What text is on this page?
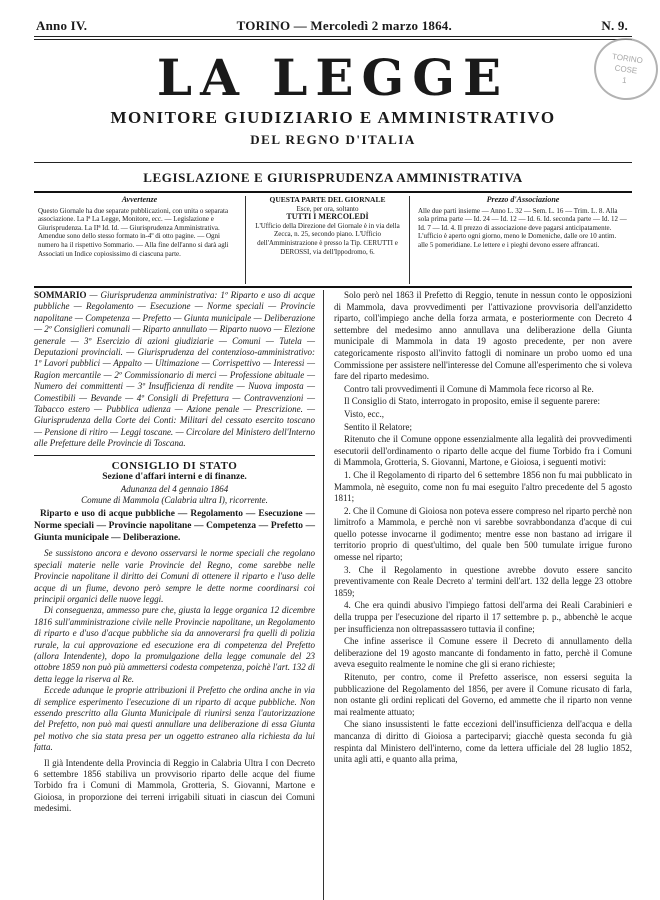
Anno IV.	TORINO — Mercoledì 2 marzo 1864.	N. 9.
TORINO
COSE
1
LA LEGGE
MONITORE GIUDIZIARIO E AMMINISTRATIVO
DEL REGNO D'ITALIA
LEGISLAZIONE E GIURISPRUDENZA AMMINISTRATIVA
Avvertenze
Questo Giornale ha due separate pubblicazioni, con unita o separata associazione. La Iª La Legge, Monitore, ecc. — Legislazione e Giurisprudenza. La IIª Id. Id. — Giurisprudenza Amministrativa. Amendue sono dello stesso formato in-4º di otto pagine. — Ogni numero ha il rispettivo Sommario. — Alla fine dell'anno si darà agli Associati un Indice copiosissimo di ciascuna parte.
QUESTA PARTE DEL GIORNALE
Esce, per ora, soltanto
TUTTI I MERCOLEDÌ
L'Ufficio della Direzione del Giornale è in via della Zecca, n. 25, secondo piano. L'Ufficio dell'Amministrazione è presso la Tip. CERUTTI e DEROSSI, via dell'Ippodromo, 6.
Prezzo d'Associazione
Alle due parti insieme — Anno L. 32 — Sem. L. 16 — Trim. L. 8. Alla sola prima parte — Id. 24 — Id. 12 — Id. 6. Id. seconda parte — Id. 12 — Id. 7 — Id. 4. Il prezzo di associazione deve pagarsi anticipatamente. L'ufficio è aperto ogni giorno, meno le Domeniche, dalle ore 10 antim. alle 5 pomeridiane. Le lettere e i pieghi devono essere affrancati.
SOMMARIO — Giurisprudenza amministrativa: 1º Riparto e uso di acque pubbliche — Regolamento — Esecuzione — Norme speciali — Provincie napolitane — Competenza — Prefetto — Giunta municipale — Deliberazione — 2º Consiglieri comunali — Riparto annullato — Riparto nuovo — Elezione generale — 3º Esercizio di azioni giudiziarie — Comuni — Tutela — Deputazioni provinciali. — Giurisprudenza del contenzioso-amministrativo: 1º Lavori pubblici — Appalto — Ultimazione — Corrispettivo — Interessi — Ragion mercantile — 2º Commissionario di merci — Professione abituale — Numero dei committenti — 3º Insufficienza di rendite — Nuova imposta — Comestibili — Bevande — 4º Consigli di Prefettura — Contravvenzioni — Tabacco estero — Pubblica udienza — Azione penale — Prescrizione. — Giurisprudenza della Corte dei Conti: Militari del cessato esercito toscano — Pensione di ritiro — Leggi toscane. — Circolare del Ministero dell'Interno alle Prefetture delle Provincie di Toscana.
CONSIGLIO DI STATO
Sezione d'affari interni e di finanze.
Adunanza del 4 gennaio 1864
Comune di Mammola (Calabria ultra I), ricorrente.
Riparto e uso di acque pubbliche — Regolamento — Esecuzione — Norme speciali — Provincie napolitane — Competenza — Prefetto — Giunta municipale — Deliberazione.

Se sussistono ancora e devono osservarsi le norme speciali che regolano speciali materie nelle varie Provincie del Regno, come sarebbe nelle Provincie napolitane il diritto dei Comuni di ottenere il riparto e l'uso delle acque di un fiume, devono però sempre le dette norme coordinarsi coi principii organici delle nuove leggi.

Di conseguenza, ammesso pure che, giusta la legge organica 12 dicembre 1816 sull'amministrazione civile nelle Provincie napolitane, un Regolamento di riparto e d'uso d'acque pubbliche sia da annoverarsi fra quelli di polizia rurale, la cui approvazione ed esecuzione era di competenza del Prefetto (allora Intendente), dopo la promulgazione della legge comunale del 23 ottobre 1859 non può più ammettersi codesta competenza, poichè l'art. 132 di detta legge la riserva al Re.

Eccede adunque le proprie attribuzioni il Prefetto che ordina anche in via di semplice esperimento l'esecuzione di un riparto di acque pubbliche. Non essendo prescritto alla Giunta Municipale di riunirsi senza l'autorizzazione del Prefetto, non può mai questi annullare una deliberazione di essa Giunta pel motivo che sia stata presa per un oggetto estraneo alla richiesta da lui fatta.

Il già Intendente della Provincia di Reggio in Calabria Ultra I con Decreto 6 settembre 1856 stabiliva un provvisorio riparto delle acque del fiume Torbido fra i Comuni di Mammola, Grotteria, S. Giovanni, Martone e Gioiosa, in proporzione dei terreni irrigabili situati in ciascun dei Comuni medesimi.

Solo però nel 1863 il Prefetto di Reggio, tenute in nessun conto le opposizioni di Mammola, dava provvedimenti per l'attivazione provvisoria dell'anzidetto riparto, coll'impiego anche della forza armata, e posteriormente con Decreto 4 settembre del medesimo anno annullava una deliberazione della Giunta municipale di Mammola in data 19 agosto precedente, per non avere categoricamente risposto all'invito fattogli di nominare un probo uomo ed una Commissione per assistere nell'interesse del Comune all'esperimento che si voleva fare del riparto medesimo.

Contro tali provvedimenti il Comune di Mammola fece ricorso al Re.

Il Consiglio di Stato, interrogato in proposito, emise il seguente parere:

Visto, ecc.,

Sentito il Relatore;

Ritenuto che il Comune oppone essenzialmente alla legalità dei provvedimenti esecutorii dell'ordinamento o riparto delle acque del fiume Torbido fra i Comuni di Mammola, Grotteria, S. Giovanni, Martone, e Gioiosa, i seguenti motivi:

1. Che il Regolamento di riparto del 6 settembre 1856 non fu mai pubblicato in Mammola, nè eseguito, come non fu mai eseguito l'altro precedente del 5 agosto 1811;

2. Che il Comune di Gioiosa non poteva essere compreso nel riparto perchè non limitrofo a Mammola, e perchè non vi sarebbe sovrabbondanza d'acque di cui quello potesse invocarne il godimento; mentre esse non bastano ad irrigare il territorio proprio di quest'ultimo, del quale ben 500 tumulate irrigue furono omesse nel riparto;

3. Che il Regolamento in questione avrebbe dovuto essere sancito preventivamente con Reale Decreto a' termini dell'art. 132 della legge 23 ottobre 1859;

4. Che era quindi abusivo l'impiego fattosi dell'arma dei Reali Carabinieri e della truppa per l'esecuzione del riparto il 17 settembre p. p., abbenchè le acque per insufficienza non oltrepassassero tuttavia il confine;

Che infine asserisce il Comune essere il Decreto di annullamento della deliberazione del 19 agosto mancante di fondamento in fatto, perchè il Comune aveva eseguito realmente le nomine che gli si erano richieste;

Ritenuto, per contro, come il Prefetto asserisce, non essersi seguita la pubblicazione del Regolamento del 1856, per avere il Comune ricusato di farla, non ostante gli ordini replicati del Governo, ed ammette che il riparto non venne mai realmente attuato;

Che siano insussistenti le fatte eccezioni dell'insufficienza dell'acqua e della mancanza di diritto di Gioiosa a parteciparvi; giacchè questa seconda fu già respinta dal Ministero dell'interno, come da lettera ufficiale del 28 luglio 1852, unita agli atti, e quanto alla prima,
